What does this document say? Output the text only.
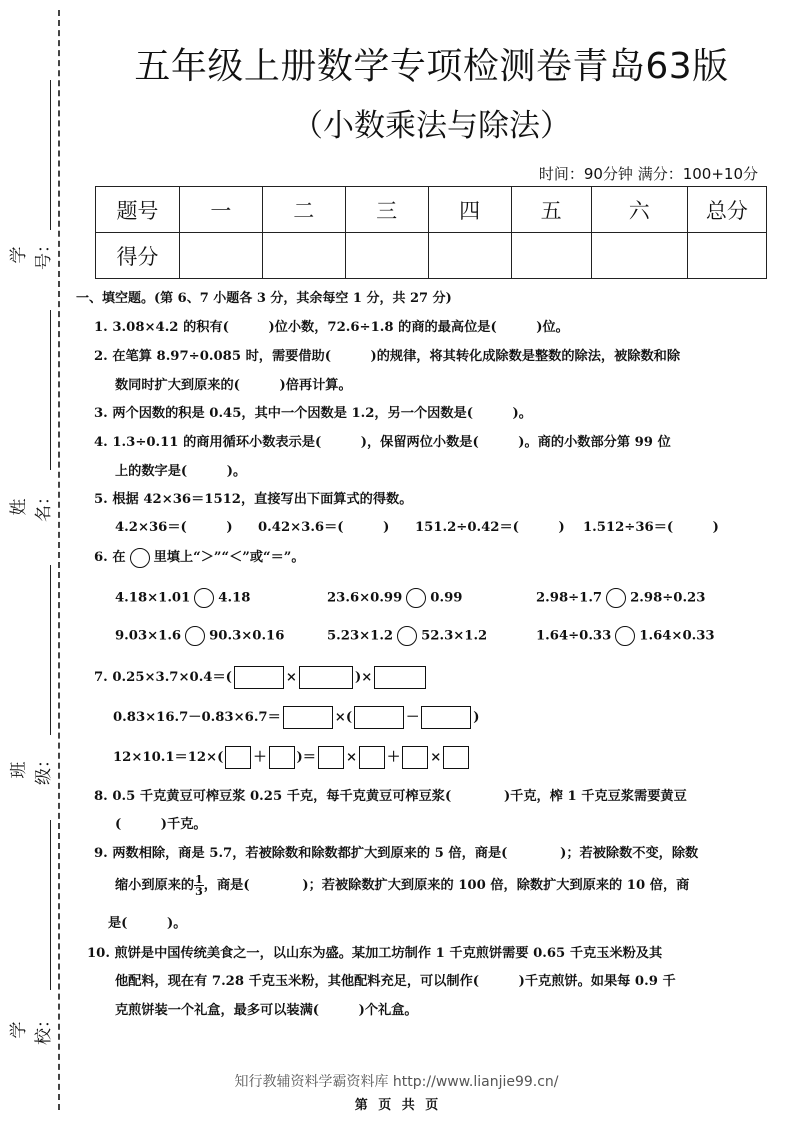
学号：
姓名：
班级：
学校：
五年级上册数学专项检测卷青岛63版
（小数乘法与除法）
时间：90分钟 满分：100+10分
题号	一	二	三	四	五	六	总分
得分							
一、填空题。(第 6、7 小题各 3 分，其余每空 1 分，共 27 分)
1. 3.08×4.2 的积有(　　　)位小数，72.6÷1.8 的商的最高位是(　　　)位。
2. 在笔算 8.97÷0.085 时，需要借助(　　　)的规律，将其转化成除数是整数的除法，被除数和除
数同时扩大到原来的(　　　)倍再计算。
3. 两个因数的积是 0.45，其中一个因数是 1.2，另一个因数是(　　　)。
4. 1.3÷0.11 的商用循环小数表示是(　　　)，保留两位小数是(　　　)。商的小数部分第 99 位
上的数字是(　　　)。
5. 根据 42×36＝1512，直接写出下面算式的得数。
4.2×36＝(　　　) 0.42×3.6＝(　　　) 151.2÷0.42＝(　　　) 1.512÷36＝(　　　)
6. 在 里填上“＞”“＜”或“＝”。
4.18×1.01 4.18	23.6×0.99 0.99	2.98÷1.7 2.98÷0.23
9.03×1.6 90.3×0.16	5.23×1.2 52.3×1.2	1.64÷0.33 1.64×0.33
7. 0.25×3.7×0.4＝(	×	)×
0.83×16.7－0.83×6.7＝	×(	－	)
12×10.1＝12×( ＋ )＝ × ＋ ×
8. 0.5 千克黄豆可榨豆浆 0.25 千克，每千克黄豆可榨豆浆(　　　　)千克，榨 1 千克豆浆需要黄豆
(　　　)千克。
9. 两数相除，商是 5.7，若被除数和除数都扩大到原来的 5 倍，商是(　　　　)；若被除数不变，除数
缩小到原来的 $\frac{1}{3}$ ，商是(　　　　)；若被除数扩大到原来的 100 倍，除数扩大到原来的 10 倍，商
是(　　　)。
10. 煎饼是中国传统美食之一，以山东为盛。某加工坊制作 1 千克煎饼需要 0.65 千克玉米粉及其
他配料，现在有 7.28 千克玉米粉，其他配料充足，可以制作(　　　)千克煎饼。如果每 0.9 千
克煎饼装一个礼盒，最多可以装满(　　　)个礼盒。
知行教辅资料学霸资料库 http://www.lianjie99.cn/
第 页 共 页
